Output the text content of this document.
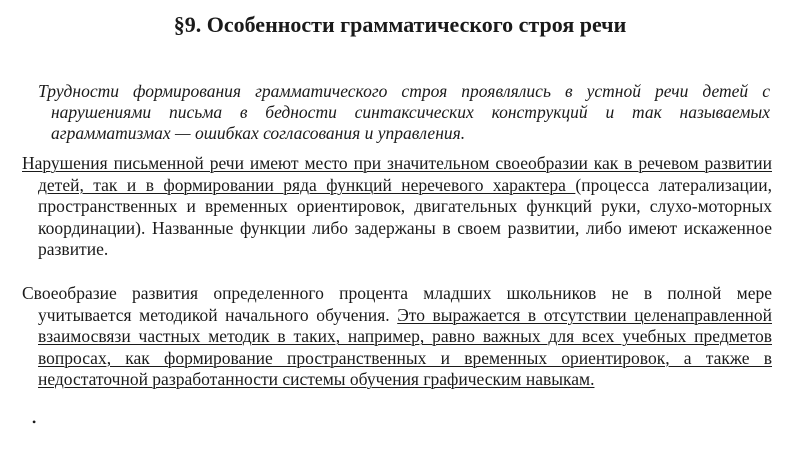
§9. Особенности грамматического строя речи
Трудности формирования грамматического строя проявлялись в устной речи детей с нарушениями письма в бедности синтаксических конструкций и так называемых аграмматизмах — ошибках согласования и управления.
Нарушения письменной речи имеют место при значительном своеобразии как в речевом развитии детей, так и в формировании ряда функций неречевого характера (процесса латерализации, пространственных и временных ориентировок, двигательных функций руки, слухо-моторных координации). Названные функции либо задержаны в своем развитии, либо имеют искаженное развитие.
Своеобразие развития определенного процента младших школьников не в полной мере учитывается методикой начального обучения. Это выражается в отсутствии целенаправленной взаимосвязи частных методик в таких, например, равно важных для всех учебных предметов вопросах, как формирование пространственных и временных ориентировок, а также в недостаточной разработанности системы обучения графическим навыкам.
•
